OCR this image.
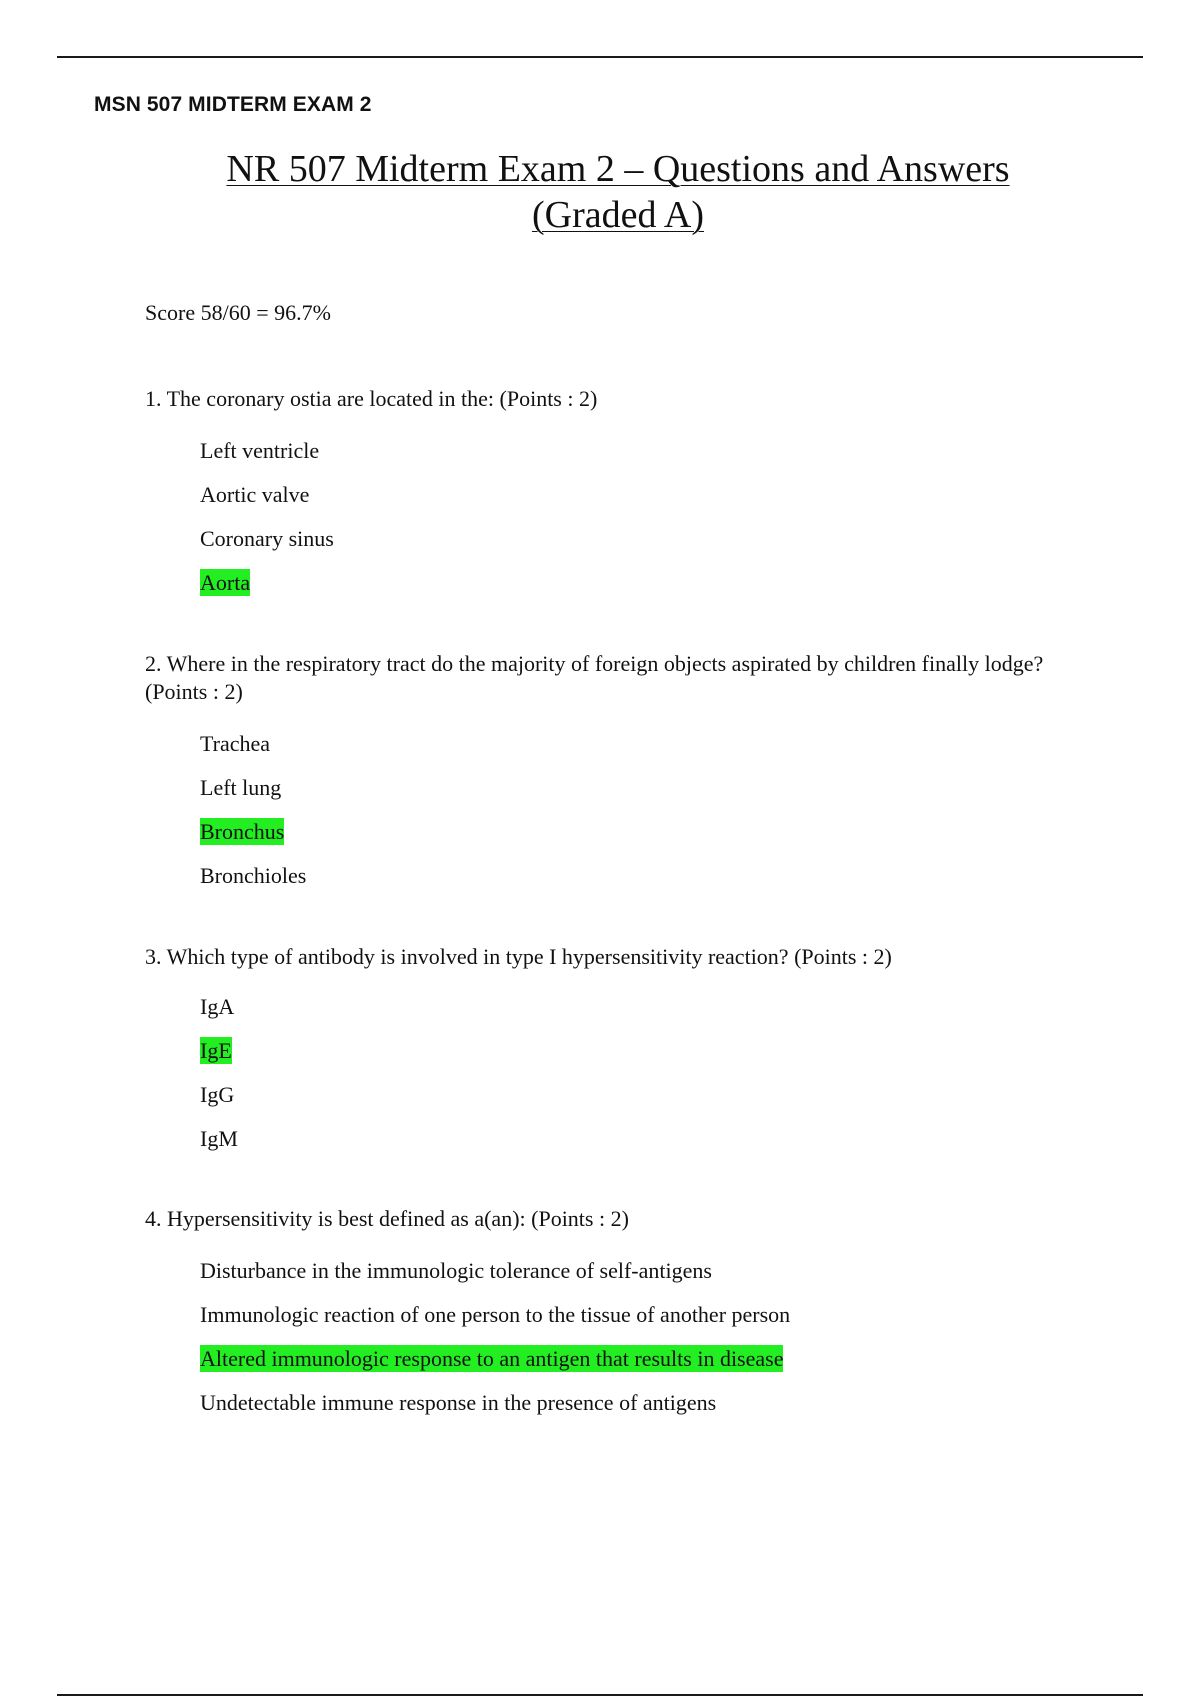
MSN 507 MIDTERM EXAM 2
NR 507 Midterm Exam 2 – Questions and Answers
(Graded A)
Score 58/60 = 96.7%

1. The coronary ostia are located in the: (Points : 2)

Left ventricle
Aortic valve
Coronary sinus
Aorta

2. Where in the respiratory tract do the majority of foreign objects aspirated by children finally lodge? (Points : 2)

Trachea
Left lung
Bronchus
Bronchioles

3. Which type of antibody is involved in type I hypersensitivity reaction? (Points : 2)

IgA
IgE
IgG
IgM

4. Hypersensitivity is best defined as a(an): (Points : 2)

Disturbance in the immunologic tolerance of self-antigens
Immunologic reaction of one person to the tissue of another person
Altered immunologic response to an antigen that results in disease
Undetectable immune response in the presence of antigens
